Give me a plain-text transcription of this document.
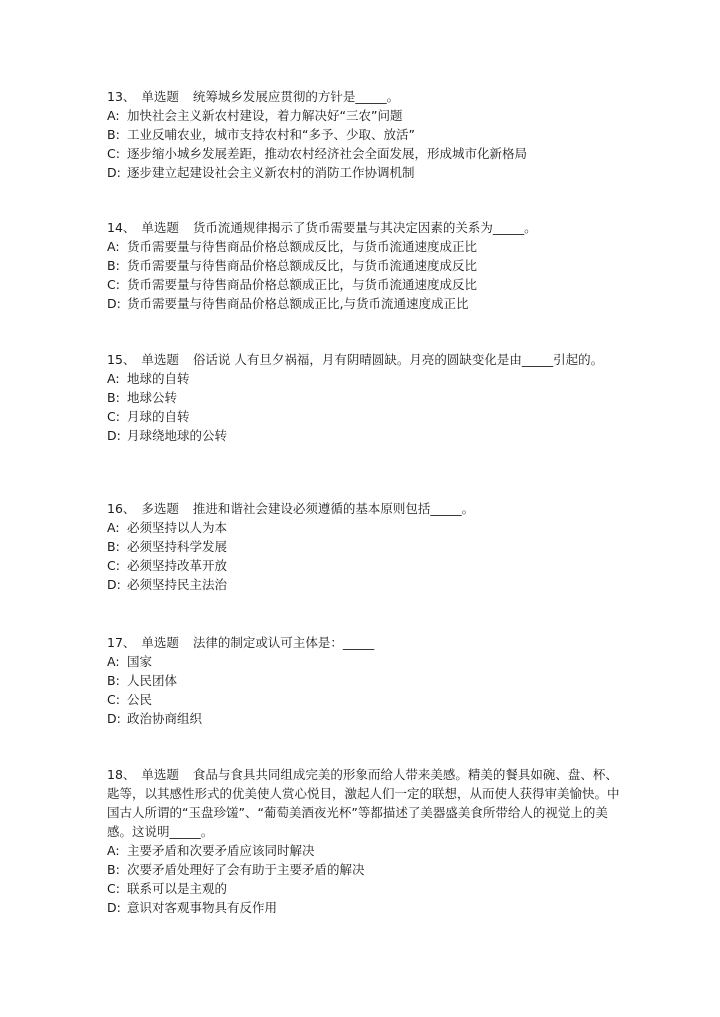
13、 单选题 统筹城乡发展应贯彻的方针是_____。

A: 加快社会主义新农村建设，着力解决好“三农”问题

B: 工业反哺农业，城市支持农村和“多予、少取、放活”

C: 逐步缩小城乡发展差距，推动农村经济社会全面发展，形成城市化新格局

D: 逐步建立起建设社会主义新农村的消防工作协调机制

14、 单选题 货币流通规律揭示了货币需要量与其决定因素的关系为_____。

A: 货币需要量与待售商品价格总额成反比，与货币流通速度成正比

B: 货币需要量与待售商品价格总额成反比，与货币流通速度成反比

C: 货币需要量与待售商品价格总额成正比，与货币流通速度成反比

D: 货币需要量与待售商品价格总额成正比,与货币流通速度成正比

15、 单选题 俗话说 人有旦夕祸福，月有阴晴圆缺。月亮的圆缺变化是由_____引起的。

A: 地球的自转

B: 地球公转

C: 月球的自转

D: 月球绕地球的公转

16、 多选题 推进和谐社会建设必须遵循的基本原则包括_____。

A: 必须坚持以人为本

B: 必须坚持科学发展

C: 必须坚持改革开放

D: 必须坚持民主法治

17、 单选题 法律的制定或认可主体是：_____

A: 国家

B: 人民团体

C: 公民

D: 政治协商组织

18、 单选题 食品与食具共同组成完美的形象而给人带来美感。精美的餐具如碗、盘、杯、匙等，以其感性形式的优美使人赏心悦目，激起人们一定的联想，从而使人获得审美愉快。中国古人所谓的“玉盘珍馐”、“葡萄美酒夜光杯”等都描述了美器盛美食所带给人的视觉上的美感。这说明_____。

A: 主要矛盾和次要矛盾应该同时解决

B: 次要矛盾处理好了会有助于主要矛盾的解决

C: 联系可以是主观的

D: 意识对客观事物具有反作用
